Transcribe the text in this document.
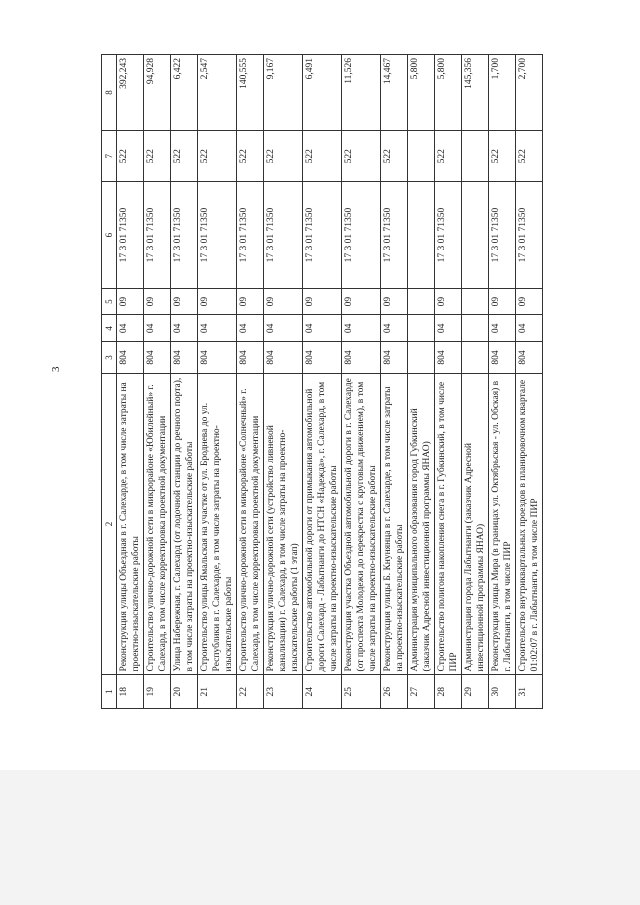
3
1	2	3	4	5	6	7	8
18	Реконструкция улицы Объездная в г. Салехарде, в том числе затраты на проектно-изыскательские работы	804	04	09	17 3 01 71350	522	392,243
19	Строительство улично-дорожной сети в микрорайоне «Юбилейный» г. Салехард, в том числе корректировка проектной документации	804	04	09	17 3 01 71350	522	94,928
20	Улица Набережная, г. Салехард (от лодочной станции до речного порта), в том числе затраты на проектно-изыскательские работы	804	04	09	17 3 01 71350	522	6,422
21	Строительство улицы Ямальская на участке от ул. Броднева до ул. Республики в г. Салехарде, в том числе затраты на проектно-изыскательские работы	804	04	09	17 3 01 71350	522	2,547
22	Строительство улично-дорожной сети в микрорайоне «Солнечный» г. Салехард, в том числе корректировка проектной документации	804	04	09	17 3 01 71350	522	140,555
23	Реконструкция улично-дорожной сети (устройство ливневой канализации) г. Салехард, в том числе затраты на проектно-изыскательские работы (1 этап)	804	04	09	17 3 01 71350	522	9,167
24	Строительство автомобильной дороги от примыкания автомобильной дороги Салехард - Лабытнанги до НТСН «Надежда», г. Салехард, в том числе затраты на проектно-изыскательские работы	804	04	09	17 3 01 71350	522	6,491
25	Реконструкция участка Объездной автомобильной дороги в г. Салехарде (от проспекта Молодежи до перекрестка с круговым движением), в том числе затраты на проектно-изыскательские работы	804	04	09	17 3 01 71350	522	11,526
26	Реконструкция улицы Б. Кнунянца в г. Салехарде, в том числе затраты на проектно-изыскательские работы	804	04	09	17 3 01 71350	522	14,467
27	Администрация муниципального образования город Губкинский (заказчик Адресной инвестиционной программы ЯНАО)						5,800
28	Строительство полигона накопления снега в г. Губкинский, в том числе ПИР	804	04	09	17 3 01 71350	522	5,800
29	Администрация города Лабытнанги (заказчик Адресной инвестиционной программы ЯНАО)						145,356
30	Реконструкция улицы Мира (в границах ул. Октябрьская - ул. Обская) в г. Лабытнанги, в том числе ПИР	804	04	09	17 3 01 71350	522	1,700
31	Строительство внутриквартальных проездов в планировочном квартале 01:02:07 в г. Лабытнанги, в том числе ПИР	804	04	09	17 3 01 71350	522	2,700
